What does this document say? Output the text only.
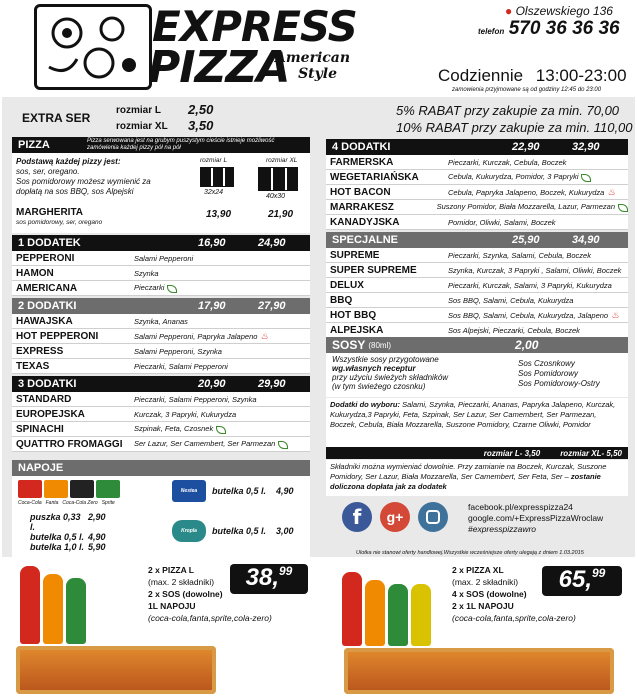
EXPRESS
PIZZA
American
Style
● Olszewskiego 136
telefon 570 36 36 36
Codziennie 13:00-23:00
zamowienia przyjmowane są od godziny 12:45 do 23:00
EXTRA SER
rozmiar L 2,50
rozmiar XL 3,50
5% RABAT przy zakupie za min. 70,00
10% RABAT przy zakupie za min. 110,00
PIZZA	Pizza serwowana jest na grubym puszystym cieście istnieje możliwość zamówienia każdej pizzy pół na pół
Podstawą każdej pizzy jest:
sos, ser, oregano.
Sos pomidorowy możesz wymienić za dopłatą na sos BBQ, sos Alpejski
rozmiar L
32x24
rozmiar XL
40x30
MARGHERITA
sos pomidorowy, ser, oregano
13,90	21,90
1 DODATEK	16,90	24,90
PEPPERONI	Salami Pepperoni
HAMON	Szynka
AMERICANA	Pieczarki
2 DODATKI	17,90	27,90
HAWAJSKA	Szynka, Ananas
HOT PEPPERONI	Salami Pepperoni, Papryka Jalapeno ♨
EXPRESS	Salami Pepperoni, Szynka
TEXAS	Pieczarki, Salami Pepperoni
3 DODATKI	20,90	29,90
STANDARD	Pieczarki, Salami Pepperoni, Szynka
EUROPEJSKA	Kurczak, 3 Papryki, Kukurydza
SPINACHI	Szpinak, Feta, Czosnek
QUATTRO FROMAGGI	Ser Lazur, Ser Camembert, Ser Parmezan
NAPOJE
Coca-Cola Fanta Coca-Cola Zero Sprite
puszka 0,33 l.
2,90
butelka 0,5 l. 4,90
butelka 1,0 l. 5,90
Nestea	butelka 0,5 l. 4,90
Kropla Beskidu
butelka 0,5 l. 3,00
4 DODATKI	22,90	32,90
FARMERSKA	Pieczarki, Kurczak, Cebula, Boczek
WEGETARIAŃSKA	Cebula, Kukurydza, Pomidor, 3 Papryki
HOT BACON	Cebula, Papryka Jalapeno, Boczek, Kukurydza ♨
MARRAKESZ	Suszony Pomidor, Biała Mozzarella, Lazur, Parmezan
KANADYJSKA	Pomidor, Oliwki, Salami, Boczek
SPECJALNE	25,90	34,90
SUPREME	Pieczarki, Szynka, Salami, Cebula, Boczek
SUPER SUPREME	Szynka, Kurczak, 3 Papryki , Salami, Oliwki, Boczek
DELUX	Pieczarki, Kurczak, Salami, 3 Papryki, Kukurydza
BBQ	Sos BBQ, Salami, Cebula, Kukurydza
HOT BBQ	Sos BBQ, Salami, Cebula, Kukurydza, Jalapeno ♨
ALPEJSKA	Sos Alpejski, Pieczarki, Cebula, Boczek
SOSY (80ml)	2,00
Wszystkie sosy przygotowane
wg.własnych receptur
przy użyciu świeżych składników
(w tym świeżego czosnku)
Sos Czosnkowy
Sos Pomidorowy
Sos Pomidorowy-Ostry
Dodatki do wyboru: Salami, Szynka, Pieczarki, Ananas, Papryka Jalapeno, Kurczak, Kukurydza,3 Papryki, Feta, Szpinak, Ser Lazur, Ser Camembert, Ser Parmezan, Boczek, Cebula, Biała Mozzarella, Suszone Pomidory, Czarne Oliwki, Pomidor
rozmiar L- 3,50	rozmiar XL- 5,50
Składniki można wymieniać dowolnie. Przy zamianie na Boczek, Kurczak, Suszone Pomidory, Ser Lazur, Biała Mozzarella, Ser Camembert, Ser Feta, Ser – zostanie doliczona dopłata jak za dodatek
f	g+
facebook.pl/expresspizza24
google.com/+ExpressPizzaWroclaw
#expresspizzawro
Ulotka nie stanowi oferty handlowej.Wszystkie wcześniejsze oferty ulegają z dniem 1.03.2015
2 x PIZZA L
(max. 2 składniki)
2 x SOS (dowolne)
1L NAPOJU
(coca-cola,fanta,sprite,cola-zero)
38, 99	2 x PIZZA XL
(max. 2 składniki)
4 x SOS (dowolne)
2 x 1L NAPOJU
(coca-cola,fanta,sprite,cola-zero)
65, 99
